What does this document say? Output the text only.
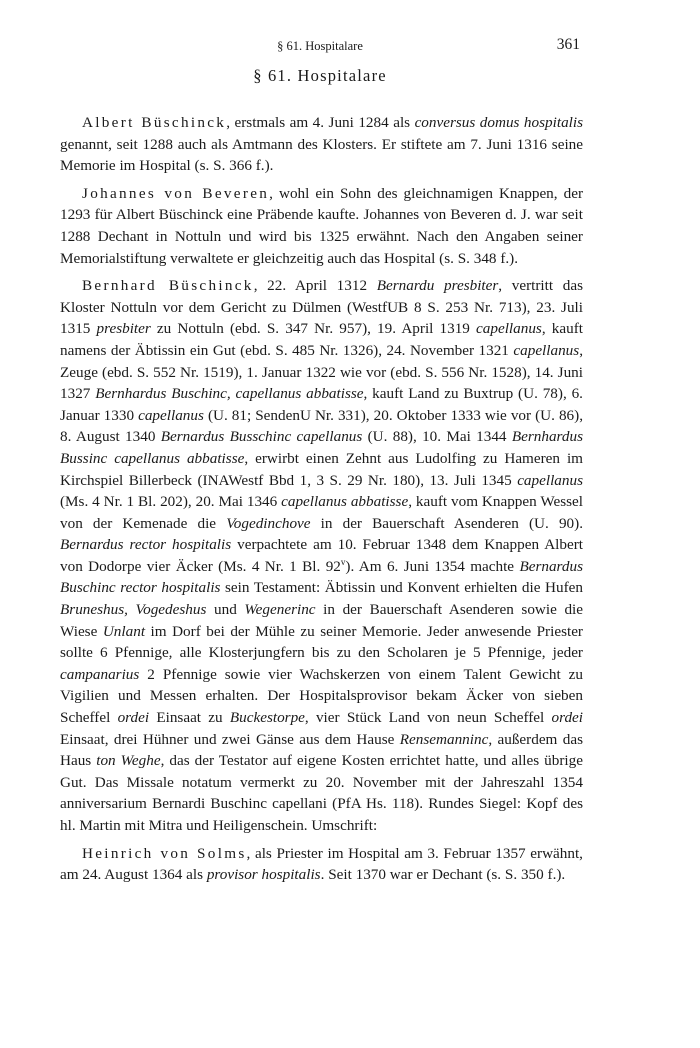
§ 61. Hospitalare	361
§ 61. Hospitalare

Albert Büschinck, erstmals am 4. Juni 1284 als conversus domus hospitalis genannt, seit 1288 auch als Amtmann des Klosters. Er stiftete am 7. Juni 1316 seine Memorie im Hospital (s. S. 366 f.).

Johannes von Beveren, wohl ein Sohn des gleichnamigen Knappen, der 1293 für Albert Büschinck eine Präbende kaufte. Johannes von Beveren d. J. war seit 1288 Dechant in Nottuln und wird bis 1325 erwähnt. Nach den Angaben seiner Memorialstiftung verwaltete er gleichzeitig auch das Hospital (s. S. 348 f.).

Bernhard Büschinck, 22. April 1312 Bernardu presbiter, vertritt das Kloster Nottuln vor dem Gericht zu Dülmen (WestfUB 8 S. 253 Nr. 713), 23. Juli 1315 presbiter zu Nottuln (ebd. S. 347 Nr. 957), 19. April 1319 capellanus, kauft namens der Äbtissin ein Gut (ebd. S. 485 Nr. 1326), 24. November 1321 capellanus, Zeuge (ebd. S. 552 Nr. 1519), 1. Januar 1322 wie vor (ebd. S. 556 Nr. 1528), 14. Juni 1327 Bernhardus Buschinc, capellanus abbatisse, kauft Land zu Buxtrup (U. 78), 6. Januar 1330 capellanus (U. 81; SendenU Nr. 331), 20. Oktober 1333 wie vor (U. 86), 8. August 1340 Bernardus Busschinc capellanus (U. 88), 10. Mai 1344 Bernhardus Bussinc capellanus abbatisse, erwirbt einen Zehnt aus Ludolfing zu Hameren im Kirchspiel Billerbeck (INAWestf Bbd 1, 3 S. 29 Nr. 180), 13. Juli 1345 capellanus (Ms. 4 Nr. 1 Bl. 202), 20. Mai 1346 capellanus abbatisse, kauft vom Knappen Wessel von der Kemenade die Vogedinchove in der Bauerschaft Asenderen (U. 90). Bernardus rector hospitalis verpachtete am 10. Februar 1348 dem Knappen Albert von Dodorpe vier Äcker (Ms. 4 Nr. 1 Bl. 92$^v$). Am 6. Juni 1354 machte Bernardus Buschinc rector hospitalis sein Testament: Äbtissin und Konvent erhielten die Hufen Bruneshus, Vogedeshus und Wegenerinc in der Bauerschaft Asenderen sowie die Wiese Unlant im Dorf bei der Mühle zu seiner Memorie. Jeder anwesende Priester sollte 6 Pfennige, alle Klosterjungfern bis zu den Scholaren je 5 Pfennige, jeder campanarius 2 Pfennige sowie vier Wachskerzen von einem Talent Gewicht zu Vigilien und Messen erhalten. Der Hospitalsprovisor bekam Äcker von sieben Scheffel ordei Einsaat zu Buckestorpe, vier Stück Land von neun Scheffel ordei Einsaat, drei Hühner und zwei Gänse aus dem Hause Rensemanninc, außerdem das Haus ton Weghe, das der Testator auf eigene Kosten errichtet hatte, und alles übrige Gut. Das Missale notatum vermerkt zu 20. November mit der Jahreszahl 1354 anniversarium Bernardi Buschinc capellani (PfA Hs. 118). Rundes Siegel: Kopf des hl. Martin mit Mitra und Heiligenschein. Umschrift:

Heinrich von Solms, als Priester im Hospital am 3. Februar 1357 erwähnt, am 24. August 1364 als provisor hospitalis. Seit 1370 war er Dechant (s. S. 350 f.).
